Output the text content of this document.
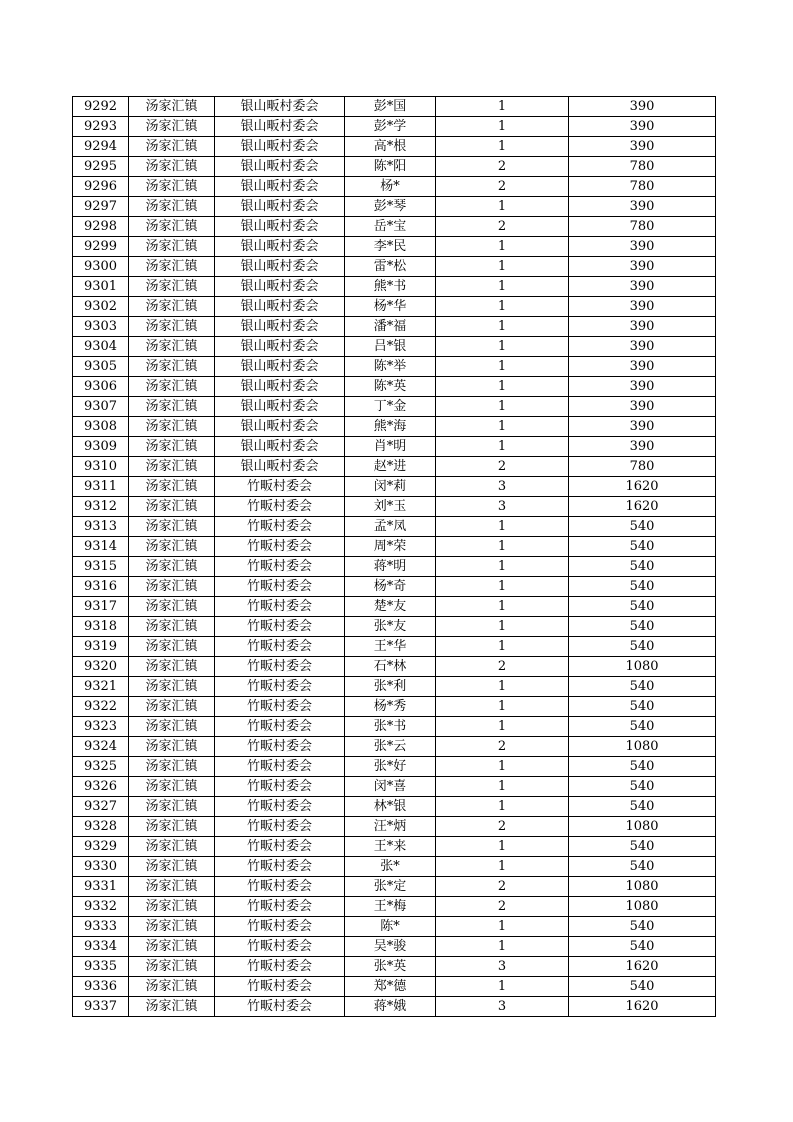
9292	汤家汇镇	银山畈村委会	彭*国	1	390
9293	汤家汇镇	银山畈村委会	彭*学	1	390
9294	汤家汇镇	银山畈村委会	高*根	1	390
9295	汤家汇镇	银山畈村委会	陈*阳	2	780
9296	汤家汇镇	银山畈村委会	杨*	2	780
9297	汤家汇镇	银山畈村委会	彭*琴	1	390
9298	汤家汇镇	银山畈村委会	岳*宝	2	780
9299	汤家汇镇	银山畈村委会	李*民	1	390
9300	汤家汇镇	银山畈村委会	雷*松	1	390
9301	汤家汇镇	银山畈村委会	熊*书	1	390
9302	汤家汇镇	银山畈村委会	杨*华	1	390
9303	汤家汇镇	银山畈村委会	潘*福	1	390
9304	汤家汇镇	银山畈村委会	吕*银	1	390
9305	汤家汇镇	银山畈村委会	陈*举	1	390
9306	汤家汇镇	银山畈村委会	陈*英	1	390
9307	汤家汇镇	银山畈村委会	丁*金	1	390
9308	汤家汇镇	银山畈村委会	熊*海	1	390
9309	汤家汇镇	银山畈村委会	肖*明	1	390
9310	汤家汇镇	银山畈村委会	赵*进	2	780
9311	汤家汇镇	竹畈村委会	闵*莉	3	1620
9312	汤家汇镇	竹畈村委会	刘*玉	3	1620
9313	汤家汇镇	竹畈村委会	孟*凤	1	540
9314	汤家汇镇	竹畈村委会	周*荣	1	540
9315	汤家汇镇	竹畈村委会	蒋*明	1	540
9316	汤家汇镇	竹畈村委会	杨*奇	1	540
9317	汤家汇镇	竹畈村委会	楚*友	1	540
9318	汤家汇镇	竹畈村委会	张*友	1	540
9319	汤家汇镇	竹畈村委会	王*华	1	540
9320	汤家汇镇	竹畈村委会	石*林	2	1080
9321	汤家汇镇	竹畈村委会	张*利	1	540
9322	汤家汇镇	竹畈村委会	杨*秀	1	540
9323	汤家汇镇	竹畈村委会	张*书	1	540
9324	汤家汇镇	竹畈村委会	张*云	2	1080
9325	汤家汇镇	竹畈村委会	张*好	1	540
9326	汤家汇镇	竹畈村委会	闵*喜	1	540
9327	汤家汇镇	竹畈村委会	林*银	1	540
9328	汤家汇镇	竹畈村委会	汪*炳	2	1080
9329	汤家汇镇	竹畈村委会	王*来	1	540
9330	汤家汇镇	竹畈村委会	张*	1	540
9331	汤家汇镇	竹畈村委会	张*定	2	1080
9332	汤家汇镇	竹畈村委会	王*梅	2	1080
9333	汤家汇镇	竹畈村委会	陈*	1	540
9334	汤家汇镇	竹畈村委会	吴*骏	1	540
9335	汤家汇镇	竹畈村委会	张*英	3	1620
9336	汤家汇镇	竹畈村委会	郑*德	1	540
9337	汤家汇镇	竹畈村委会	蒋*娥	3	1620
